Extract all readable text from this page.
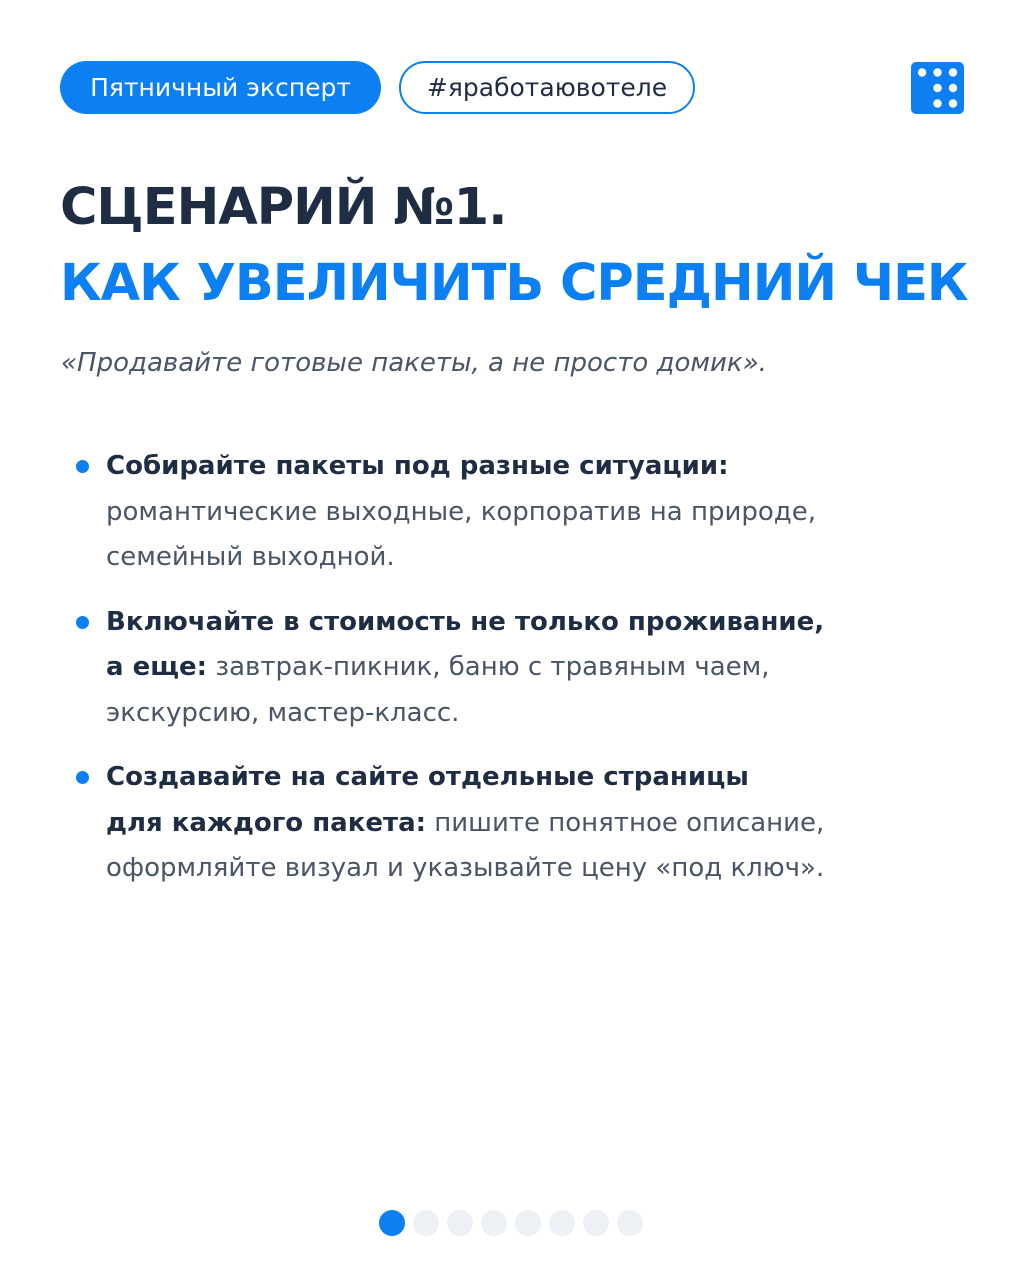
Пятничный эксперт	#яработаювотеле
СЦЕНАРИЙ №1.
КАК УВЕЛИЧИТЬ СРЕДНИЙ ЧЕК

«Продавайте готовые пакеты, а не просто домик».

Собирайте пакеты под разные ситуации:
романтические выходные, корпоратив на природе,
семейный выходной.
Включайте в стоимость не только проживание,
а еще: завтрак-пикник, баню с травяным чаем,
экскурсию, мастер-класс.
Создавайте на сайте отдельные страницы
для каждого пакета: пишите понятное описание,
оформляйте визуал и указывайте цену «под ключ».
